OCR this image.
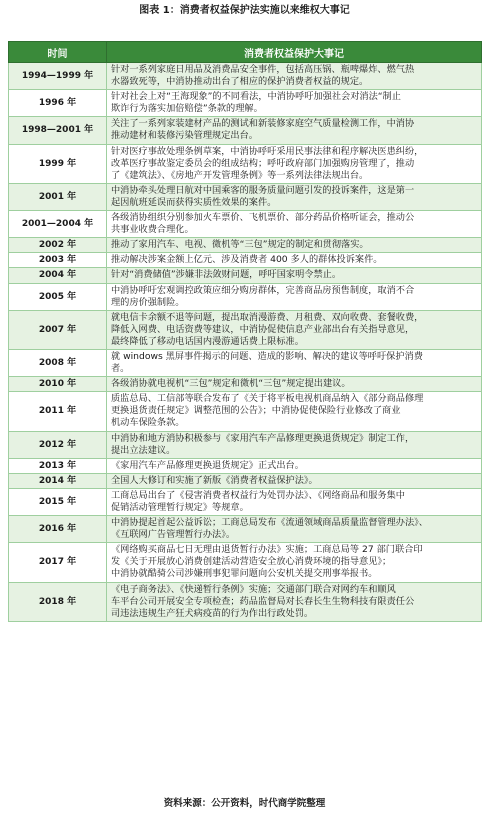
图表 1：消费者权益保护法实施以来维权大事记
时间	消费者权益保护大事记
1994—1999 年	针对一系列家庭日用品及消费品安全事件，包括高压锅、瓶啤爆炸、燃气热
水器致死等，中消协推动出台了相应的保护消费者权益的规定。

1996 年	针对社会上对“王海现象”的不同看法，中消协呼吁加强社会对消法“制止
欺诈行为落实加倍赔偿”条款的理解。

1998—2001 年	关注了一系列家装建材产品的测试和新装修家庭空气质量检测工作，中消协
推动建材和装修污染管理规定出台。

1999 年	针对医疗事故处理条例草案，中消协呼吁采用民事法律和程序解决医患纠纷，
改革医疗事故鉴定委员会的组成结构；呼吁政府部门加强购房管理了，推动
了《建筑法》、《房地产开发管理条例》等一系列法律法规出台。

2001 年	中消协牵头处理日航对中国乘客的服务质量问题引发的投诉案件，这是第一
起因航班延误而获得实质性效果的案件。

2001—2004 年	各级消协组织分别参加火车票价、飞机票价、部分药品价格听证会，推动公
共事业收费合理化。

2002 年	推动了家用汽车、电视、微机等“三包”规定的制定和贯彻落实。

2003 年	推动解决涉案金额上亿元、涉及消费者 400 多人的群体投诉案件。

2004 年	针对“消费储值”涉嫌非法敛财问题，呼吁国家明令禁止。

2005 年	中消协呼吁宏观调控政策应细分购房群体，完善商品房预售制度，取消不合
理的房价强制险。

2007 年	就电信卡余额不退等问题，提出取消漫游费、月租费、双向收费、套餐收费，
降低入网费、电话资费等建议，中消协促使信息产业部出台有关指导意见，
最终降低了移动电话国内漫游通话费上限标准。

2008 年	就 windows 黑屏事件揭示的问题、造成的影响、解决的建议等呼吁保护消费
者。

2010 年	各级消协就电视机“三包”规定和微机“三包”规定提出建议。

2011 年	质监总局、工信部等联合发布了《关于将平板电视机商品纳入《部分商品修理
更换退货责任规定》调整范围的公告》；中消协促使保险行业修改了商业
机动车保险条款。

2012 年	中消协和地方消协积极参与《家用汽车产品修理更换退货规定》制定工作，
提出立法建议。

2013 年	《家用汽车产品修理更换退货规定》正式出台。

2014 年	全国人大修订和实施了新版《消费者权益保护法》。

2015 年	工商总局出台了《侵害消费者权益行为处罚办法》、《网络商品和服务集中
促销活动管理暂行规定》等规章。

2016 年	中消协提起首起公益诉讼；工商总局发布《流通领域商品质量监督管理办法》、
《互联网广告管理暂行办法》。

2017 年	《网络购买商品七日无理由退货暂行办法》实施；工商总局等 27 部门联合印
发《关于开展放心消费创建活动营造安全放心消费环境的指导意见》；
中消协就酷骑公司涉嫌刑事犯罪问题向公安机关提交刑事举报书。

2018 年	《电子商务法》、《快递暂行条例》实施；交通部门联合对网约车和顺风
车平台公司开展安全专项检查；药品监督局对长春长生生物科技有限责任公
司违法违规生产狂犬病疫苗的行为作出行政处罚。
资料来源：公开资料，时代商学院整理
